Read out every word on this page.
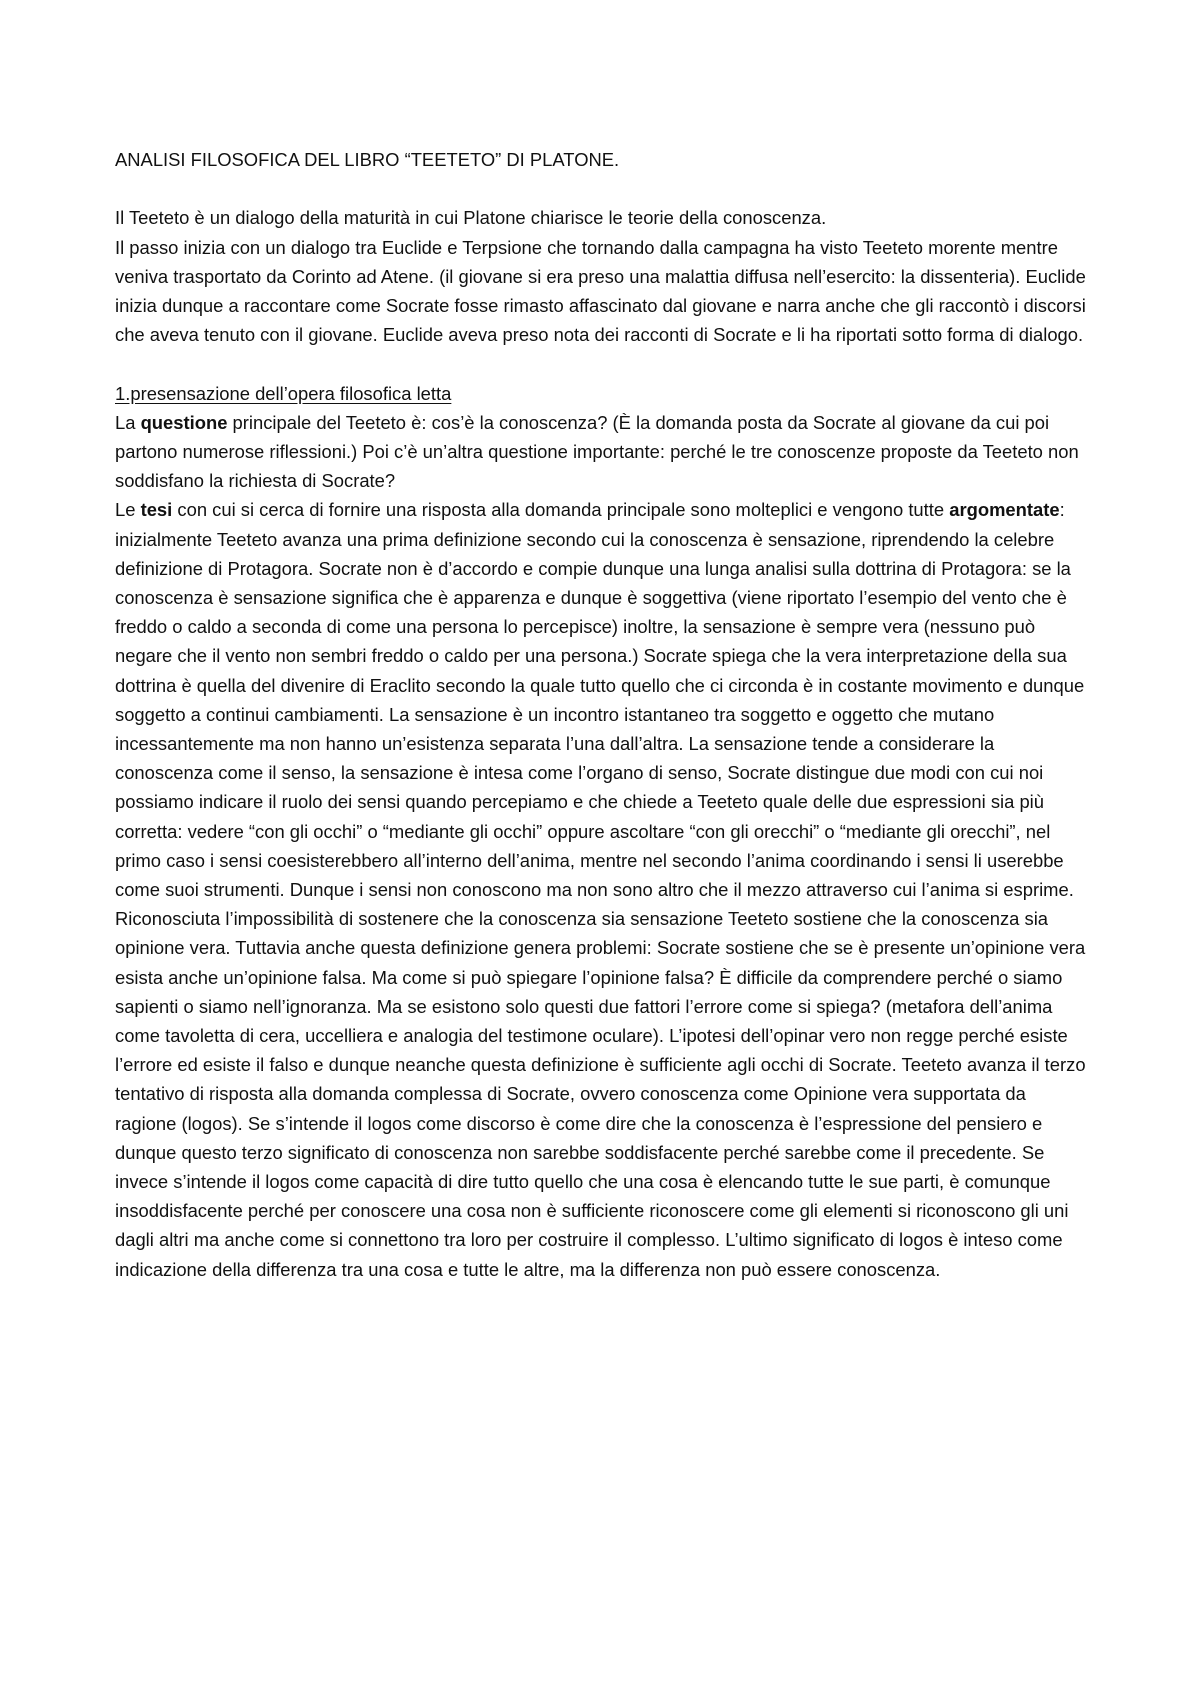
ANALISI FILOSOFICA DEL LIBRO “TEETETO” DI PLATONE.

Il Teeteto è un dialogo della maturità in cui Platone chiarisce le teorie della conoscenza.

Il passo inizia con un dialogo tra Euclide e Terpsione che tornando dalla campagna ha visto Teeteto morente mentre veniva trasportato da Corinto ad Atene. (il giovane si era preso una malattia diffusa nell’esercito: la dissenteria). Euclide inizia dunque a raccontare come Socrate fosse rimasto affascinato dal giovane e narra anche che gli raccontò i discorsi che aveva tenuto con il giovane. Euclide aveva preso nota dei racconti di Socrate e li ha riportati sotto forma di dialogo.

1.presensazione dell’opera filosofica letta

La questione principale del Teeteto è: cos’è la conoscenza? (È la domanda posta da Socrate al giovane da cui poi partono numerose riflessioni.) Poi c’è un’altra questione importante: perché le tre conoscenze proposte da Teeteto non soddisfano la richiesta di Socrate?

Le tesi con cui si cerca di fornire una risposta alla domanda principale sono molteplici e vengono tutte argomentate: inizialmente Teeteto avanza una prima definizione secondo cui la conoscenza è sensazione, riprendendo la celebre definizione di Protagora. Socrate non è d’accordo e compie dunque una lunga analisi sulla dottrina di Protagora: se la conoscenza è sensazione significa che è apparenza e dunque è soggettiva (viene riportato l’esempio del vento che è freddo o caldo a seconda di come una persona lo percepisce) inoltre, la sensazione è sempre vera (nessuno può negare che il vento non sembri freddo o caldo per una persona.) Socrate spiega che la vera interpretazione della sua dottrina è quella del divenire di Eraclito secondo la quale tutto quello che ci circonda è in costante movimento e dunque soggetto a continui cambiamenti. La sensazione è un incontro istantaneo tra soggetto e oggetto che mutano incessantemente ma non hanno un’esistenza separata l’una dall’altra. La sensazione tende a considerare la conoscenza come il senso, la sensazione è intesa come l’organo di senso, Socrate distingue due modi con cui noi possiamo indicare il ruolo dei sensi quando percepiamo e che chiede a Teeteto quale delle due espressioni sia più corretta: vedere “con gli occhi” o “mediante gli occhi” oppure ascoltare “con gli orecchi” o “mediante gli orecchi”, nel primo caso i sensi coesisterebbero all’interno dell’anima, mentre nel secondo l’anima coordinando i sensi li userebbe come suoi strumenti. Dunque i sensi non conoscono ma non sono altro che il mezzo attraverso cui l’anima si esprime. Riconosciuta l’impossibilità di sostenere che la conoscenza sia sensazione Teeteto sostiene che la conoscenza sia opinione vera. Tuttavia anche questa definizione genera problemi: Socrate sostiene che se è presente un’opinione vera esista anche un’opinione falsa. Ma come si può spiegare l’opinione falsa? È difficile da comprendere perché o siamo sapienti o siamo nell’ignoranza. Ma se esistono solo questi due fattori l’errore come si spiega? (metafora dell’anima come tavoletta di cera, uccelliera e analogia del testimone oculare). L’ipotesi dell’opinar vero non regge perché esiste l’errore ed esiste il falso e dunque neanche questa definizione è sufficiente agli occhi di Socrate. Teeteto avanza il terzo tentativo di risposta alla domanda complessa di Socrate, ovvero conoscenza come Opinione vera supportata da ragione (logos). Se s’intende il logos come discorso è come dire che la conoscenza è l’espressione del pensiero e dunque questo terzo significato di conoscenza non sarebbe soddisfacente perché sarebbe come il precedente. Se invece s’intende il logos come capacità di dire tutto quello che una cosa è elencando tutte le sue parti, è comunque insoddisfacente perché per conoscere una cosa non è sufficiente riconoscere come gli elementi si riconoscono gli uni dagli altri ma anche come si connettono tra loro per costruire il complesso. L’ultimo significato di logos è inteso come indicazione della differenza tra una cosa e tutte le altre, ma la differenza non può essere conoscenza.
